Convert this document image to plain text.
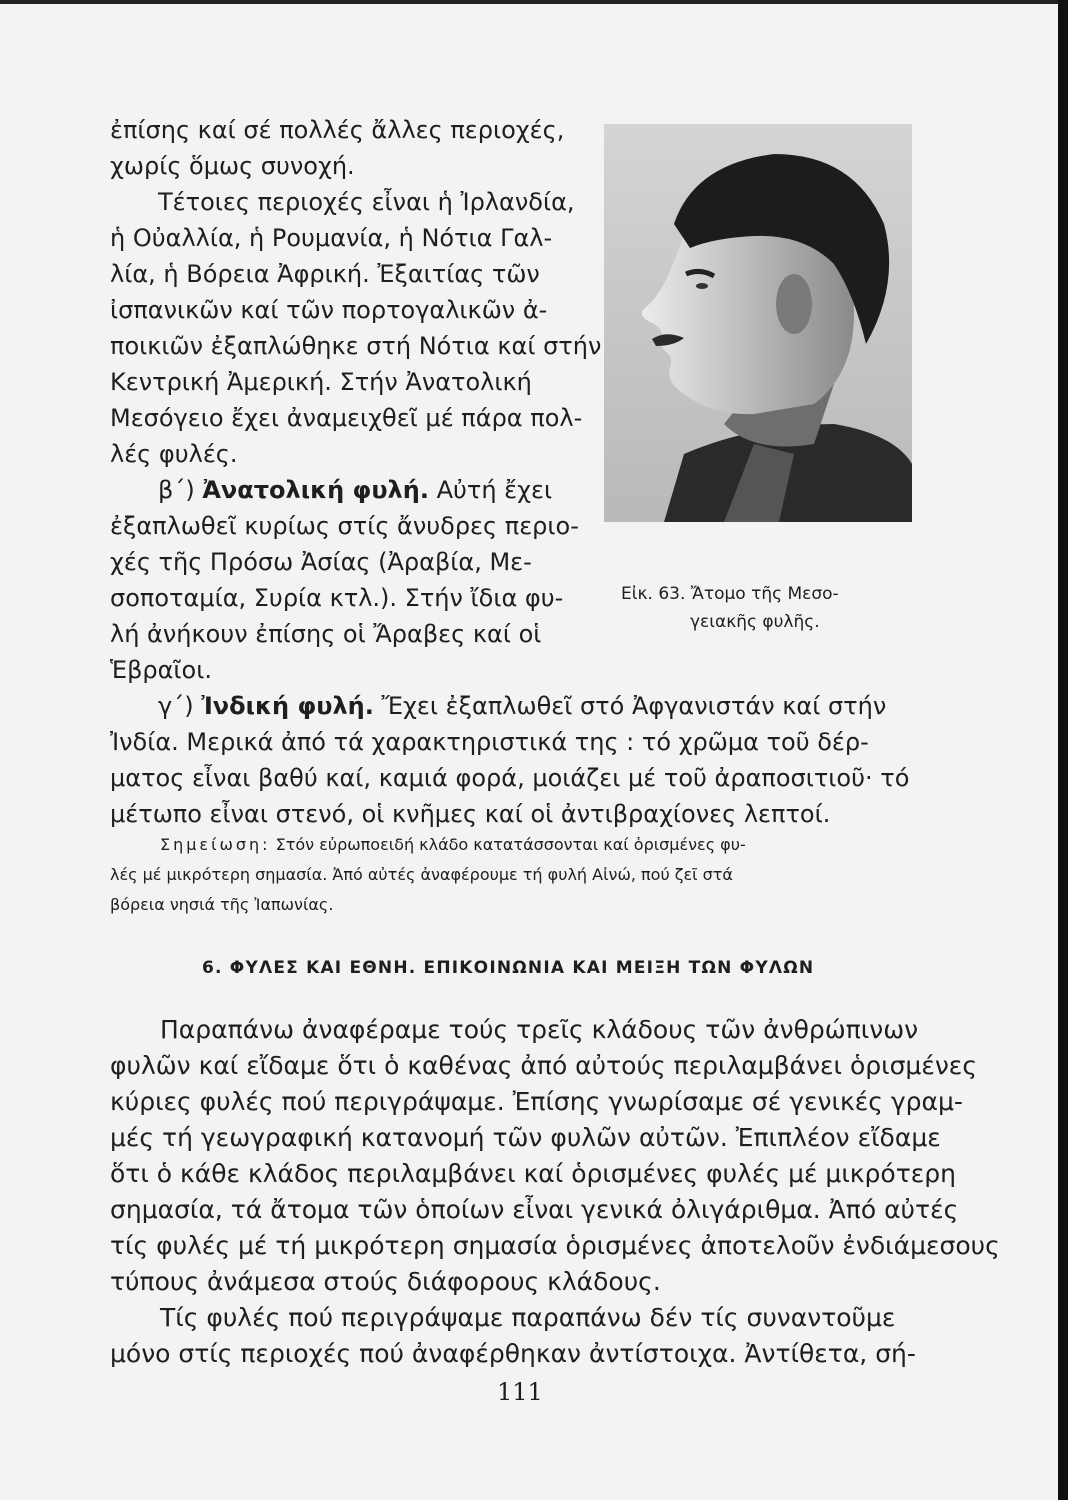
ἐπίσης καί σέ πολλές ἄλλες περιοχές,
χωρίς ὅμως συνοχή.
Τέτοιες περιοχές εἶναι ἡ Ἰρλανδία,
ἡ Οὐαλλία, ἡ Ρουμανία, ἡ Νότια Γαλ-
λία, ἡ Βόρεια Ἀφρική. Ἐξαιτίας τῶν
ἰσπανικῶν καί τῶν πορτογαλικῶν ἀ-
ποικιῶν ἐξαπλώθηκε στή Νότια καί στήν
Κεντρική Ἀμερική. Στήν Ἀνατολική
Μεσόγειο ἔχει ἀναμειχθεῖ μέ πάρα πολ-
λές φυλές.
β΄) Ἀνατολική φυλή. Αὐτή ἔχει
ἐξαπλωθεῖ κυρίως στίς ἄνυδρες περιο-
χές τῆς Πρόσω Ἀσίας (Ἀραβία, Με-
σοποταμία, Συρία κτλ.). Στήν ἴδια φυ-
λή ἀνήκουν ἐπίσης οἱ Ἄραβες καί οἱ
Ἑβραῖοι.
Εἰκ. 63. Ἄτομο τῆς Μεσο-
γειακῆς φυλῆς.
γ΄) Ἰνδική φυλή. Ἔχει ἐξαπλωθεῖ στό Ἀφγανιστάν καί στήν
Ἰνδία. Μερικά ἀπό τά χαρακτηριστικά της : τό χρῶμα τοῦ δέρ-
ματος εἶναι βαθύ καί, καμιά φορά, μοιάζει μέ τοῦ ἀραποσιτιοῦ· τό
μέτωπο εἶναι στενό, οἱ κνῆμες καί οἱ ἀντιβραχίονες λεπτοί.
Σημείωση: Στόν εὐρωποειδή κλάδο κατατάσσονται καί ὁρισμένες φυ-
λές μέ μικρότερη σημασία. Ἀπό αὐτές ἀναφέρουμε τή φυλή Αἰνώ, πού ζεῖ στά
βόρεια νησιά τῆς Ἰαπωνίας.
6. ΦΥΛΕΣ ΚΑΙ ΕΘΝΗ. ΕΠΙΚΟΙΝΩΝΙΑ ΚΑΙ ΜΕΙΞΗ ΤΩΝ ΦΥΛΩΝ
Παραπάνω ἀναφέραμε τούς τρεῖς κλάδους τῶν ἀνθρώπινων
φυλῶν καί εἴδαμε ὅτι ὁ καθένας ἀπό αὐτούς περιλαμβάνει ὁρισμένες
κύριες φυλές πού περιγράψαμε. Ἐπίσης γνωρίσαμε σέ γενικές γραμ-
μές τή γεωγραφική κατανομή τῶν φυλῶν αὐτῶν. Ἐπιπλέον εἴδαμε
ὅτι ὁ κάθε κλάδος περιλαμβάνει καί ὁρισμένες φυλές μέ μικρότερη
σημασία, τά ἄτομα τῶν ὁποίων εἶναι γενικά ὀλιγάριθμα. Ἀπό αὐτές
τίς φυλές μέ τή μικρότερη σημασία ὁρισμένες ἀποτελοῦν ἐνδιάμεσους
τύπους ἀνάμεσα στούς διάφορους κλάδους.
Τίς φυλές πού περιγράψαμε παραπάνω δέν τίς συναντοῦμε
μόνο στίς περιοχές πού ἀναφέρθηκαν ἀντίστοιχα. Ἀντίθετα, σή-
111
